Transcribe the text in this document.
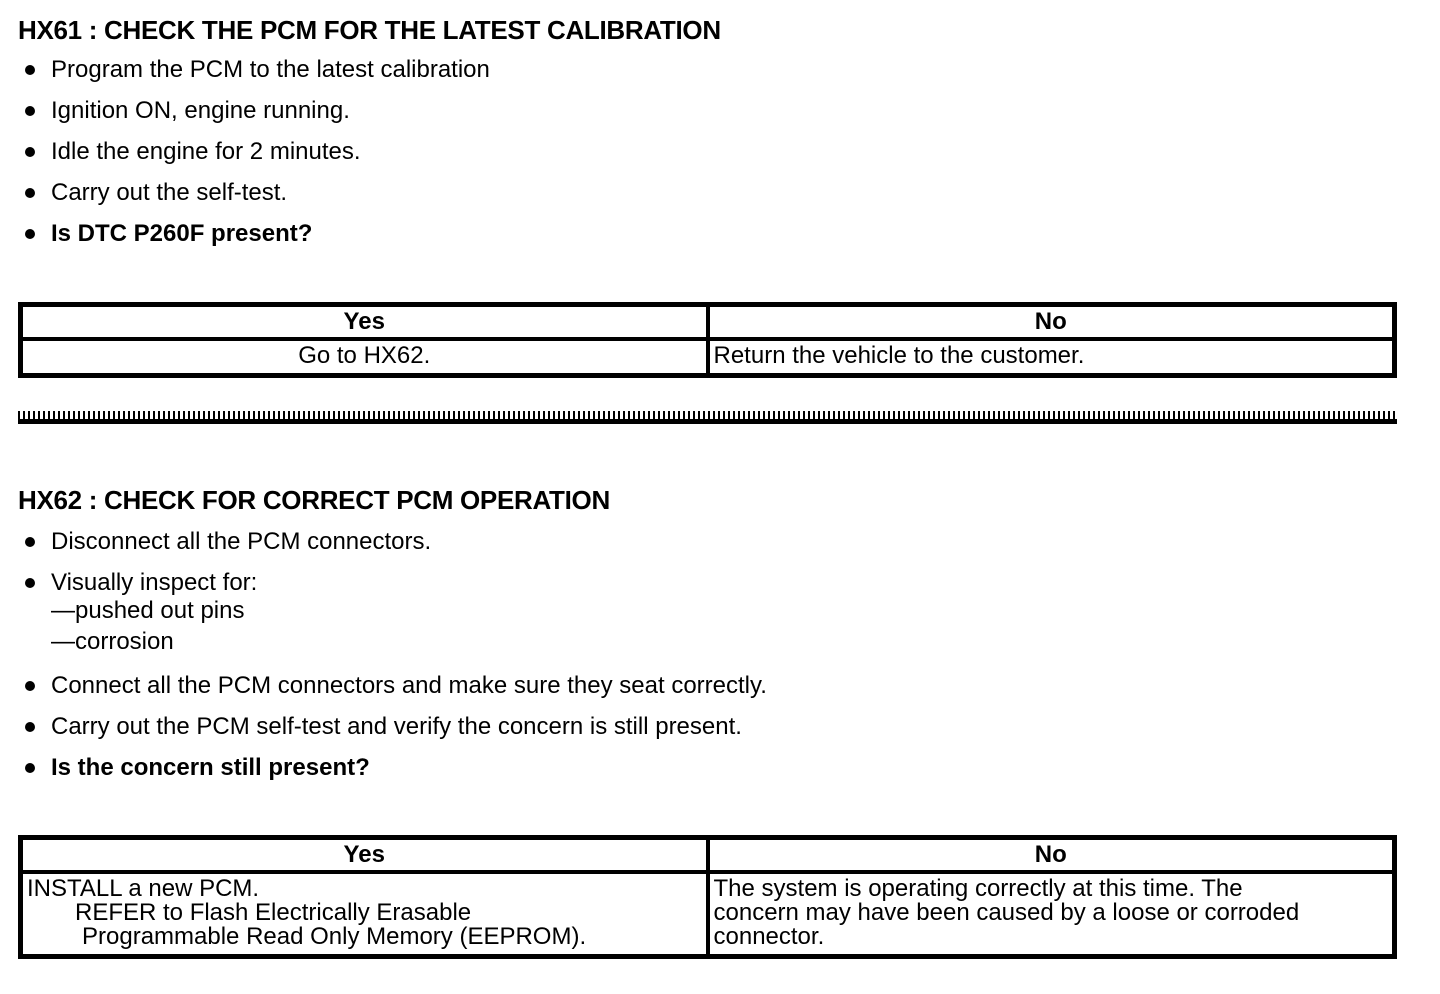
HX61 : CHECK THE PCM FOR THE LATEST CALIBRATION
Program the PCM to the latest calibration
Ignition ON, engine running.
Idle the engine for 2 minutes.
Carry out the self-test.
Is DTC P260F present?
Yes	No
Go to HX62.	Return the vehicle to the customer.
HX62 : CHECK FOR CORRECT PCM OPERATION
Disconnect all the PCM connectors.
Visually inspect for:
—pushed out pins
—corrosion
Connect all the PCM connectors and make sure they seat correctly.
Carry out the PCM self-test and verify the concern is still present.
Is the concern still present?
Yes	No

INSTALL a new PCM.
REFER to Flash Electrically Erasable
Programmable Read Only Memory (EEPROM).

The system is operating correctly at this time. The
concern may have been caused by a loose or corroded
connector.
